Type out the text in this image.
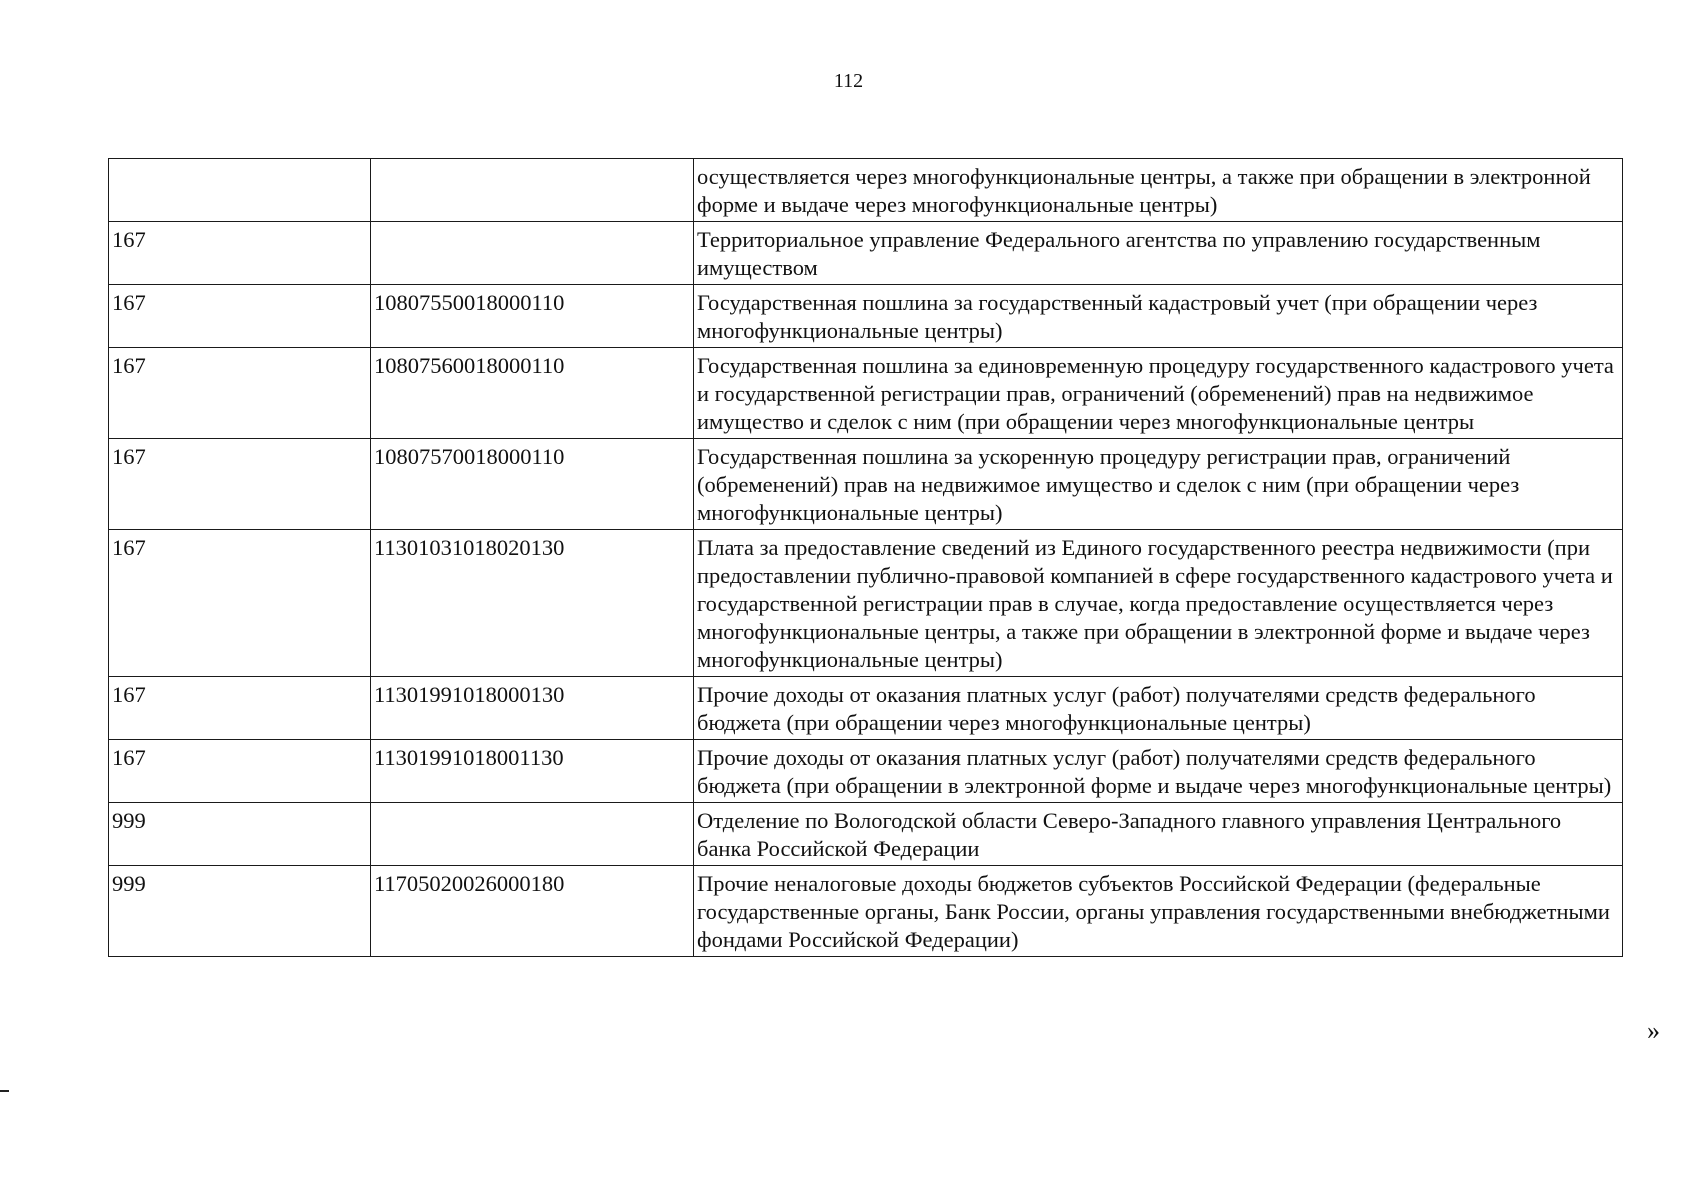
112
		осуществляется через многофункциональные центры, а также при обращении в электронной форме и выдаче через многофункциональные центры)
167		Территориальное управление Федерального агентства по управлению государственным имуществом
167	10807550018000110	Государственная пошлина за государственный кадастровый учет (при обращении через многофункциональные центры)
167	10807560018000110	Государственная пошлина за единовременную процедуру государственного кадастрового учета и государственной регистрации прав, ограничений (обременений) прав на недвижимое имущество и сделок с ним (при обращении через многофункциональные центры
167	10807570018000110	Государственная пошлина за ускоренную процедуру регистрации прав, ограничений (обременений) прав на недвижимое имущество и сделок с ним (при обращении через многофункциональные центры)
167	11301031018020130	Плата за предоставление сведений из Единого государственного реестра недвижимости (при предоставлении публично-правовой компанией в сфере государственного кадастрового учета и государственной регистрации прав в случае, когда предоставление осуществляется через многофункциональные центры, а также при обращении в электронной форме и выдаче через многофункциональные центры)
167	11301991018000130	Прочие доходы от оказания платных услуг (работ) получателями средств федерального бюджета (при обращении через многофункциональные центры)
167	11301991018001130	Прочие доходы от оказания платных услуг (работ) получателями средств федерального бюджета (при обращении в электронной форме и выдаче через многофункциональные центры)
999		Отделение по Вологодской области Северо-Западного главного управления Центрального банка Российской Федерации
999	11705020026000180	Прочие неналоговые доходы бюджетов субъектов Российской Федерации (федеральные государственные органы, Банк России, органы управления государственными внебюджетными фондами Российской Федерации)
»
